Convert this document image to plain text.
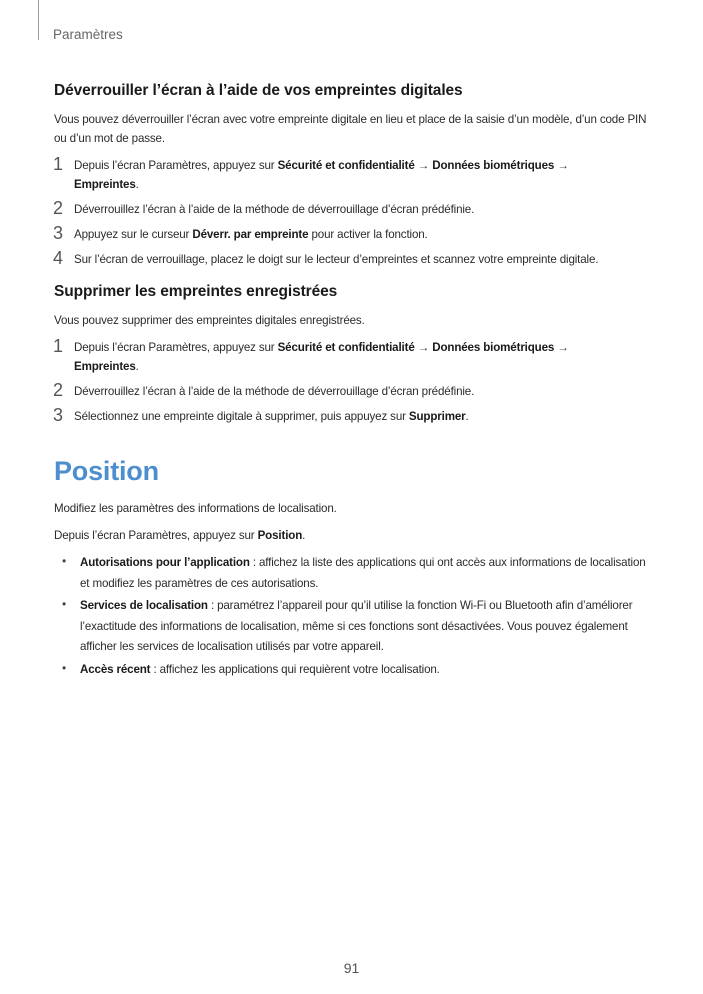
Paramètres
Déverrouiller l’écran à l’aide de vos empreintes digitales

Vous pouvez déverrouiller l’écran avec votre empreinte digitale en lieu et place de la saisie d’un modèle, d’un code PIN ou d’un mot de passe.

1 Depuis l’écran Paramètres, appuyez sur Sécurité et confidentialité → Données biométriques →
Empreintes.
2 Déverrouillez l’écran à l’aide de la méthode de déverrouillage d’écran prédéfinie.
3 Appuyez sur le curseur Déverr. par empreinte pour activer la fonction.
4 Sur l’écran de verrouillage, placez le doigt sur le lecteur d’empreintes et scannez votre empreinte digitale.
Supprimer les empreintes enregistrées

Vous pouvez supprimer des empreintes digitales enregistrées.

1 Depuis l’écran Paramètres, appuyez sur Sécurité et confidentialité → Données biométriques →
Empreintes.
2 Déverrouillez l’écran à l’aide de la méthode de déverrouillage d’écran prédéfinie.
3 Sélectionnez une empreinte digitale à supprimer, puis appuyez sur Supprimer.
Position

Modifiez les paramètres des informations de localisation.

Depuis l’écran Paramètres, appuyez sur Position.

• Autorisations pour l’application : affichez la liste des applications qui ont accès aux informations de localisation et modifiez les paramètres de ces autorisations.
• Services de localisation : paramétrez l’appareil pour qu’il utilise la fonction Wi-Fi ou Bluetooth afin d’améliorer l’exactitude des informations de localisation, même si ces fonctions sont désactivées. Vous pouvez également afficher les services de localisation utilisés par votre appareil.
• Accès récent : affichez les applications qui requièrent votre localisation.
91
